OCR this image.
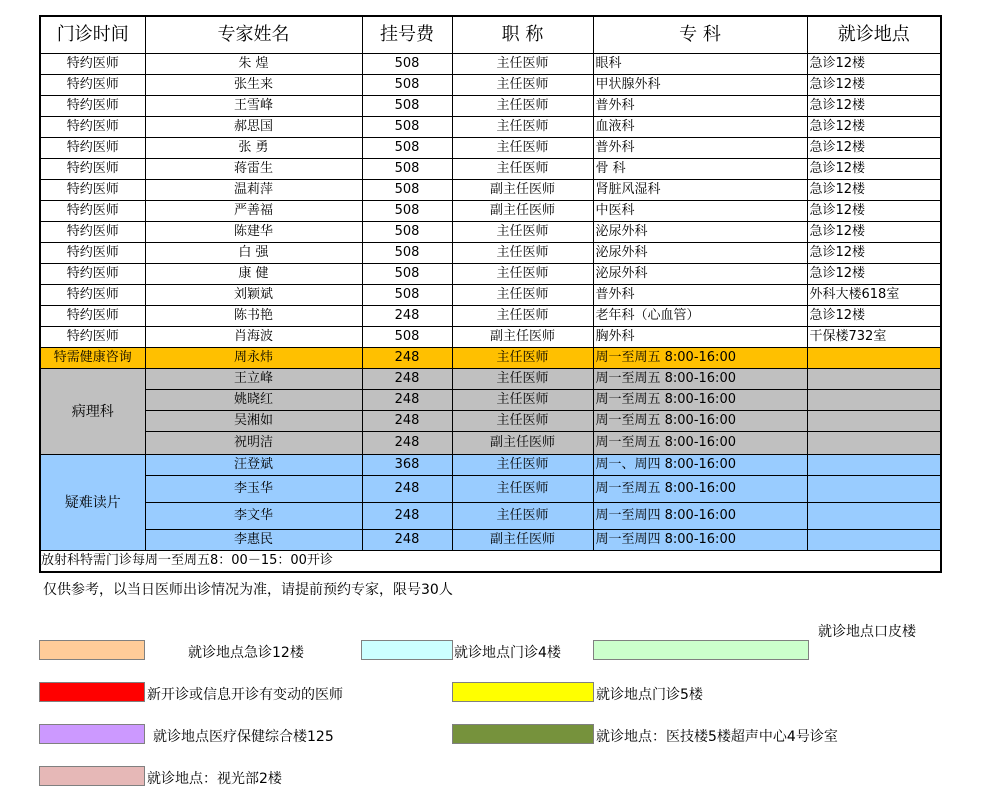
门诊时间	专家姓名	挂号费	职 称	专 科	就诊地点
特约医师	朱 煌	508	主任医师	眼科	急诊12楼
特约医师	张生来	508	主任医师	甲状腺外科	急诊12楼
特约医师	王雪峰	508	主任医师	普外科	急诊12楼
特约医师	郝思国	508	主任医师	血液科	急诊12楼
特约医师	张 勇	508	主任医师	普外科	急诊12楼
特约医师	蒋雷生	508	主任医师	骨 科	急诊12楼
特约医师	温莉萍	508	副主任医师	肾脏风湿科	急诊12楼
特约医师	严善福	508	副主任医师	中医科	急诊12楼
特约医师	陈建华	508	主任医师	泌尿外科	急诊12楼
特约医师	白 强	508	主任医师	泌尿外科	急诊12楼
特约医师	康 健	508	主任医师	泌尿外科	急诊12楼
特约医师	刘颖斌	508	主任医师	普外科	外科大楼618室
特约医师	陈书艳	248	主任医师	老年科（心血管）	急诊12楼
特约医师	肖海波	508	副主任医师	胸外科	干保楼732室
特需健康咨询	周永炜	248	主任医师	周一至周五 8:00-16:00	
病理科	王立峰	248	主任医师	周一至周五 8:00-16:00	
	姚晓红	248	主任医师	周一至周五 8:00-16:00	
	吴湘如	248	主任医师	周一至周五 8:00-16:00	
	祝明洁	248	副主任医师	周一至周五 8:00-16:00	
疑难读片	汪登斌	368	主任医师	周一、周四 8:00-16:00	
	李玉华	248	主任医师	周一至周五 8:00-16:00	
	李文华	248	主任医师	周一至周四 8:00-16:00	
	李惠民	248	副主任医师	周一至周四 8:00-16:00	
放射科特需门诊每周一至周五8：00－15：00开诊					
仅供参考，以当日医师出诊情况为准，请提前预约专家，限号30人
就诊地点急诊12楼	就诊地点门诊4楼
就诊地点口皮楼
新开诊或信息开诊有变动的医师	就诊地点门诊5楼
就诊地点医疗保健综合楼125	就诊地点：医技楼5楼超声中心4号诊室
就诊地点：视光部2楼
